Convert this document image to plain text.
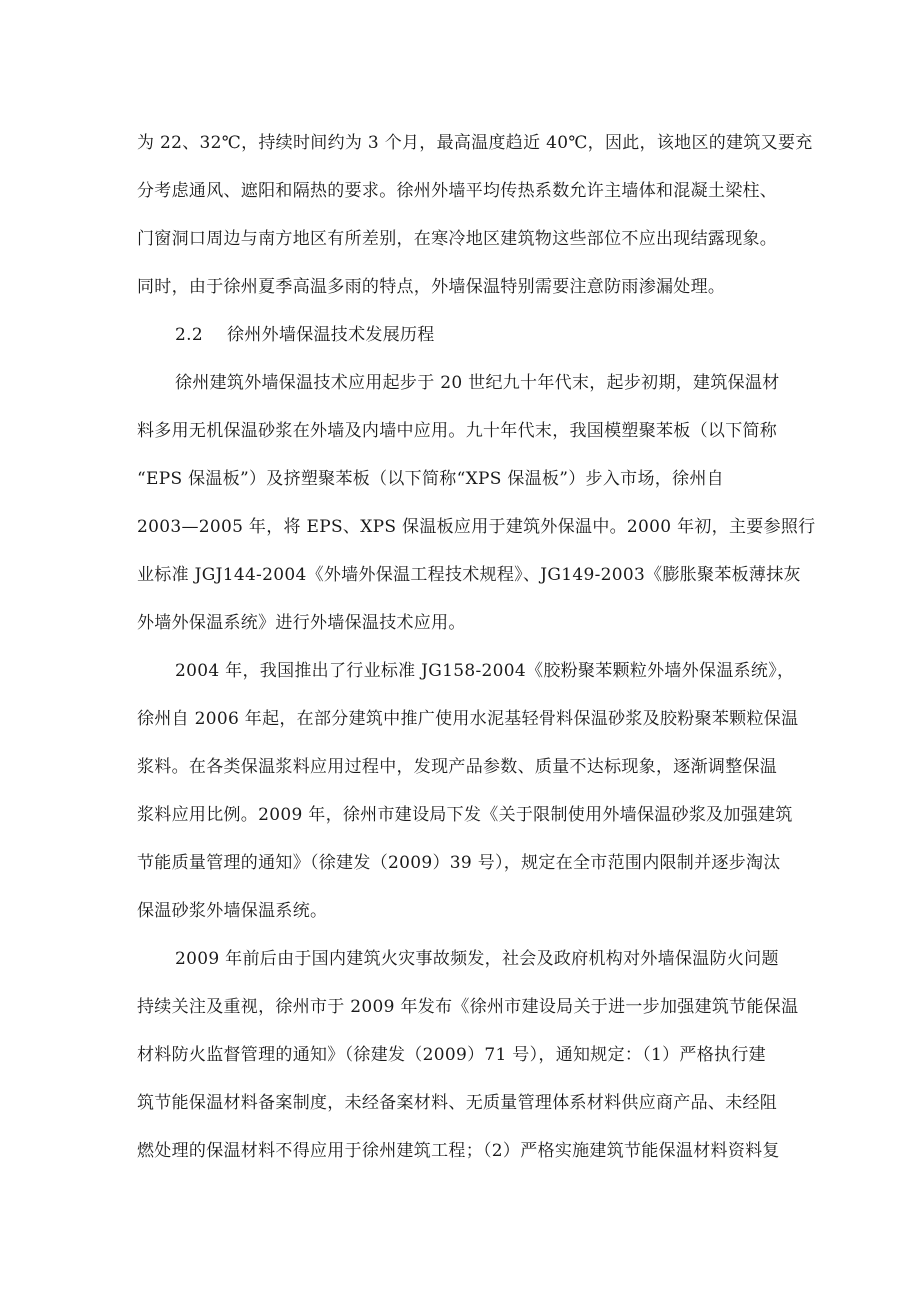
为 22、32℃，持续时间约为 3 个月，最高温度趋近 40℃，因此，该地区的建筑又要充
分考虑通风、遮阳和隔热的要求。徐州外墙平均传热系数允许主墙体和混凝土梁柱、
门窗洞口周边与南方地区有所差别，在寒冷地区建筑物这些部位不应出现结露现象。
同时，由于徐州夏季高温多雨的特点，外墙保温特别需要注意防雨渗漏处理。
2.2 徐州外墙保温技术发展历程
徐州建筑外墙保温技术应用起步于 20 世纪九十年代末，起步初期，建筑保温材
料多用无机保温砂浆在外墙及内墙中应用。九十年代末，我国模塑聚苯板（以下简称
“EPS 保温板”）及挤塑聚苯板（以下简称“XPS 保温板”）步入市场，徐州自
2003—2005 年，将 EPS、XPS 保温板应用于建筑外保温中。2000 年初，主要参照行
业标准 JGJ144-2004《外墙外保温工程技术规程》、JG149-2003《膨胀聚苯板薄抹灰
外墙外保温系统》进行外墙保温技术应用。
2004 年，我国推出了行业标准 JG158-2004《胶粉聚苯颗粒外墙外保温系统》，
徐州自 2006 年起，在部分建筑中推广使用水泥基轻骨料保温砂浆及胶粉聚苯颗粒保温
浆料。在各类保温浆料应用过程中，发现产品参数、质量不达标现象，逐渐调整保温
浆料应用比例。2009 年，徐州市建设局下发《关于限制使用外墙保温砂浆及加强建筑
节能质量管理的通知》（徐建发（2009）39 号），规定在全市范围内限制并逐步淘汰
保温砂浆外墙保温系统。
2009 年前后由于国内建筑火灾事故频发，社会及政府机构对外墙保温防火问题
持续关注及重视，徐州市于 2009 年发布《徐州市建设局关于进一步加强建筑节能保温
材料防火监督管理的通知》（徐建发（2009）71 号），通知规定：（1）严格执行建
筑节能保温材料备案制度，未经备案材料、无质量管理体系材料供应商产品、未经阻
燃处理的保温材料不得应用于徐州建筑工程；（2）严格实施建筑节能保温材料资料复
